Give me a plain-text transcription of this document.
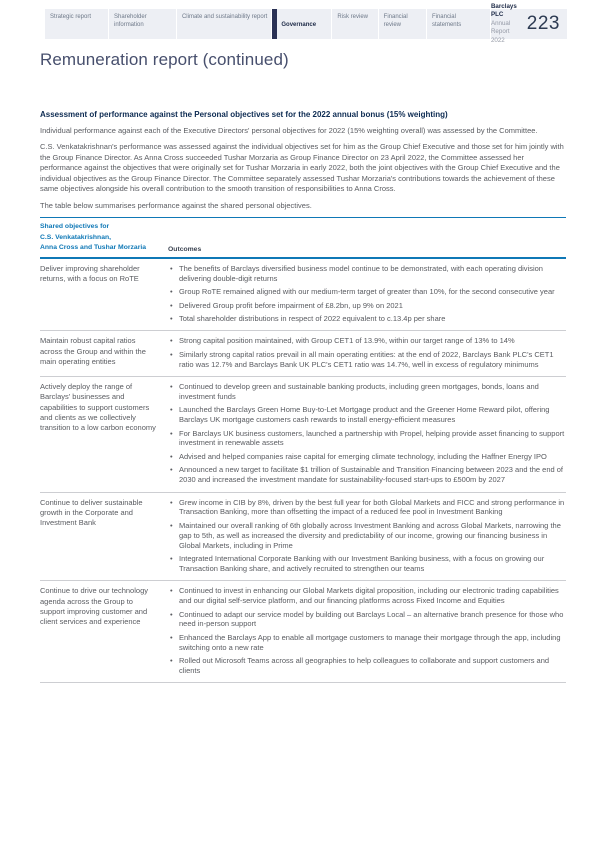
Strategic report	Shareholder information
Climate and sustainability report
Governance
Risk review	Financial review
Financial statements
Barclays PLC
Annual Report 2022
223
Remuneration report (continued)
Assessment of performance against the Personal objectives set for the 2022 annual bonus (15% weighting)

Individual performance against each of the Executive Directors' personal objectives for 2022 (15% weighting overall) was assessed by the Committee.

C.S. Venkatakrishnan's performance was assessed against the individual objectives set for him as the Group Chief Executive and those set for him jointly with the Group Finance Director. As Anna Cross succeeded Tushar Morzaria as Group Finance Director on 23 April 2022, the Committee assessed her performance against the objectives that were originally set for Tushar Morzaria in early 2022, both the joint objectives with the Group Chief Executive and the individual objectives as the Group Finance Director. The Committee separately assessed Tushar Morzaria's contributions towards the achievement of these same objectives alongside his overall contribution to the smooth transition of responsibilities to Anna Cross.

The table below summarises performance against the shared personal objectives.

Shared objectives for
C.S. Venkatakrishnan,
Anna Cross and Tushar Morzaria	Outcomes
Deliver improving shareholder returns, with a focus on RoTE
• The benefits of Barclays diversified business model continue to be demonstrated, with each operating division delivering double-digit returns
• Group RoTE remained aligned with our medium-term target of greater than 10%, for the second consecutive year
• Delivered Group profit before impairment of £8.2bn, up 9% on 2021
• Total shareholder distributions in respect of 2022 equivalent to c.13.4p per share
Maintain robust capital ratios across the Group and within the main operating entities
• Strong capital position maintained, with Group CET1 of 13.9%, within our target range of 13% to 14%
• Similarly strong capital ratios prevail in all main operating entities: at the end of 2022, Barclays Bank PLC's CET1 ratio was 12.7% and Barclays Bank UK PLC's CET1 ratio was 14.7%, well in excess of regulatory minimums
Actively deploy the range of Barclays' businesses and capabilities to support customers and clients as we collectively transition to a low carbon economy
• Continued to develop green and sustainable banking products, including green mortgages, bonds, loans and investment funds
• Launched the Barclays Green Home Buy-to-Let Mortgage product and the Greener Home Reward pilot, offering Barclays UK mortgage customers cash rewards to install energy-efficient measures
• For Barclays UK business customers, launched a partnership with Propel, helping provide asset financing to support investment in renewable assets
• Advised and helped companies raise capital for emerging climate technology, including the Haffner Energy IPO
• Announced a new target to facilitate $1 trillion of Sustainable and Transition Financing between 2023 and the end of 2030 and increased the investment mandate for sustainability-focused start-ups to £500m by 2027
Continue to deliver sustainable growth in the Corporate and Investment Bank
• Grew income in CIB by 8%, driven by the best full year for both Global Markets and FICC and strong performance in Transaction Banking, more than offsetting the impact of a reduced fee pool in Investment Banking
• Maintained our overall ranking of 6th globally across Investment Banking and across Global Markets, narrowing the gap to 5th, as well as increased the diversity and predictability of our income, growing our financing business in Global Markets, including in Prime
• Integrated International Corporate Banking with our Investment Banking business, with a focus on growing our Transaction Banking share, and actively recruited to strengthen our teams
Continue to drive our technology agenda across the Group to support improving customer and client services and experience
• Continued to invest in enhancing our Global Markets digital proposition, including our electronic trading capabilities and our digital self-service platform, and our financing platforms across Fixed Income and Equities
• Continued to adapt our service model by building out Barclays Local – an alternative branch presence for those who need in-person support
• Enhanced the Barclays App to enable all mortgage customers to manage their mortgage through the app, including switching onto a new rate
• Rolled out Microsoft Teams across all geographies to help colleagues to collaborate and support customers and clients
